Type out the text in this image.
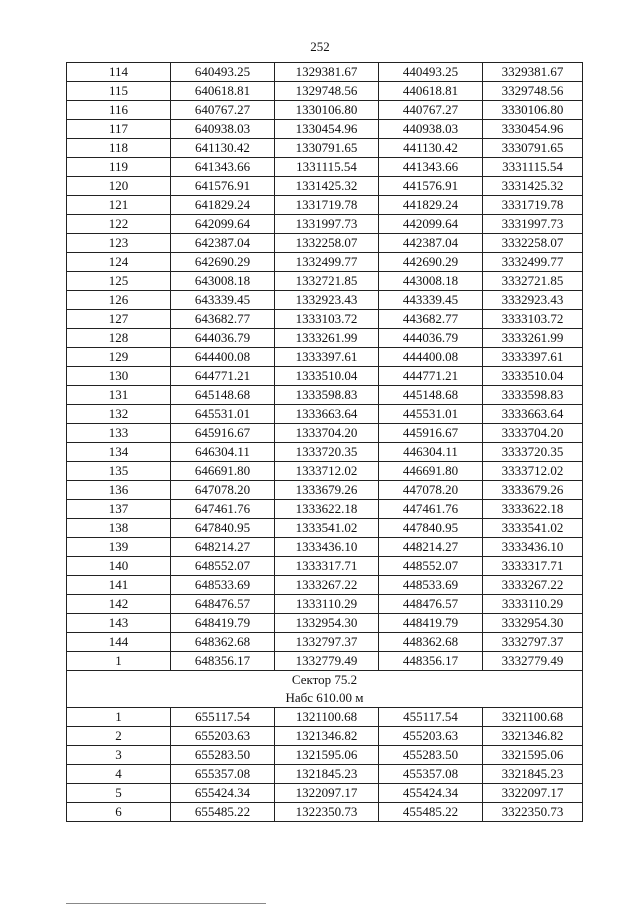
252
114	640493.25	1329381.67	440493.25	3329381.67
115	640618.81	1329748.56	440618.81	3329748.56
116	640767.27	1330106.80	440767.27	3330106.80
117	640938.03	1330454.96	440938.03	3330454.96
118	641130.42	1330791.65	441130.42	3330791.65
119	641343.66	1331115.54	441343.66	3331115.54
120	641576.91	1331425.32	441576.91	3331425.32
121	641829.24	1331719.78	441829.24	3331719.78
122	642099.64	1331997.73	442099.64	3331997.73
123	642387.04	1332258.07	442387.04	3332258.07
124	642690.29	1332499.77	442690.29	3332499.77
125	643008.18	1332721.85	443008.18	3332721.85
126	643339.45	1332923.43	443339.45	3332923.43
127	643682.77	1333103.72	443682.77	3333103.72
128	644036.79	1333261.99	444036.79	3333261.99
129	644400.08	1333397.61	444400.08	3333397.61
130	644771.21	1333510.04	444771.21	3333510.04
131	645148.68	1333598.83	445148.68	3333598.83
132	645531.01	1333663.64	445531.01	3333663.64
133	645916.67	1333704.20	445916.67	3333704.20
134	646304.11	1333720.35	446304.11	3333720.35
135	646691.80	1333712.02	446691.80	3333712.02
136	647078.20	1333679.26	447078.20	3333679.26
137	647461.76	1333622.18	447461.76	3333622.18
138	647840.95	1333541.02	447840.95	3333541.02
139	648214.27	1333436.10	448214.27	3333436.10
140	648552.07	1333317.71	448552.07	3333317.71
141	648533.69	1333267.22	448533.69	3333267.22
142	648476.57	1333110.29	448476.57	3333110.29
143	648419.79	1332954.30	448419.79	3332954.30
144	648362.68	1332797.37	448362.68	3332797.37
1	648356.17	1332779.49	448356.17	3332779.49

Сектор 75.2
Набс 610.00 м				

1	655117.54	1321100.68	455117.54	3321100.68
2	655203.63	1321346.82	455203.63	3321346.82
3	655283.50	1321595.06	455283.50	3321595.06
4	655357.08	1321845.23	455357.08	3321845.23
5	655424.34	1322097.17	455424.34	3322097.17
6	655485.22	1322350.73	455485.22	3322350.73
